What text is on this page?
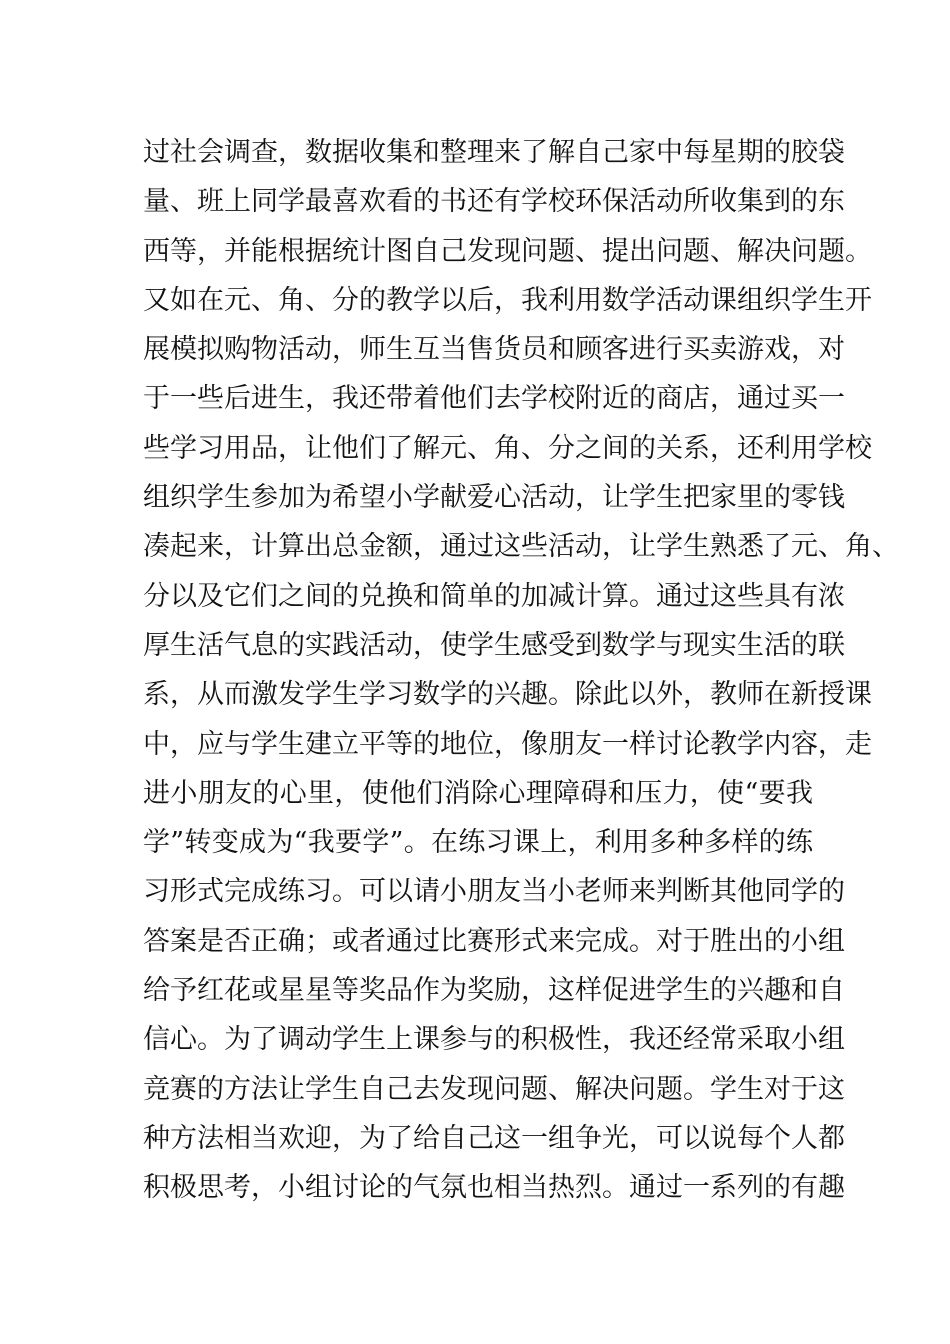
过社会调查，数据收集和整理来了解自己家中每星期的胶袋
量、班上同学最喜欢看的书还有学校环保活动所收集到的东
西等，并能根据统计图自己发现问题、提出问题、解决问题。
又如在元、角、分的教学以后，我利用数学活动课组织学生开
展模拟购物活动，师生互当售货员和顾客进行买卖游戏，对
于一些后进生，我还带着他们去学校附近的商店，通过买一
些学习用品，让他们了解元、角、分之间的关系，还利用学校
组织学生参加为希望小学献爱心活动，让学生把家里的零钱
凑起来，计算出总金额，通过这些活动，让学生熟悉了元、角、
分以及它们之间的兑换和简单的加减计算。通过这些具有浓
厚生活气息的实践活动，使学生感受到数学与现实生活的联
系，从而激发学生学习数学的兴趣。除此以外，教师在新授课
中，应与学生建立平等的地位，像朋友一样讨论教学内容，走
进小朋友的心里，使他们消除心理障碍和压力，使“要我
学”转变成为“我要学”。在练习课上，利用多种多样的练
习形式完成练习。可以请小朋友当小老师来判断其他同学的
答案是否正确；或者通过比赛形式来完成。对于胜出的小组
给予红花或星星等奖品作为奖励，这样促进学生的兴趣和自
信心。为了调动学生上课参与的积极性，我还经常采取小组
竞赛的方法让学生自己去发现问题、解决问题。学生对于这
种方法相当欢迎，为了给自己这一组争光，可以说每个人都
积极思考，小组讨论的气氛也相当热烈。通过一系列的有趣
